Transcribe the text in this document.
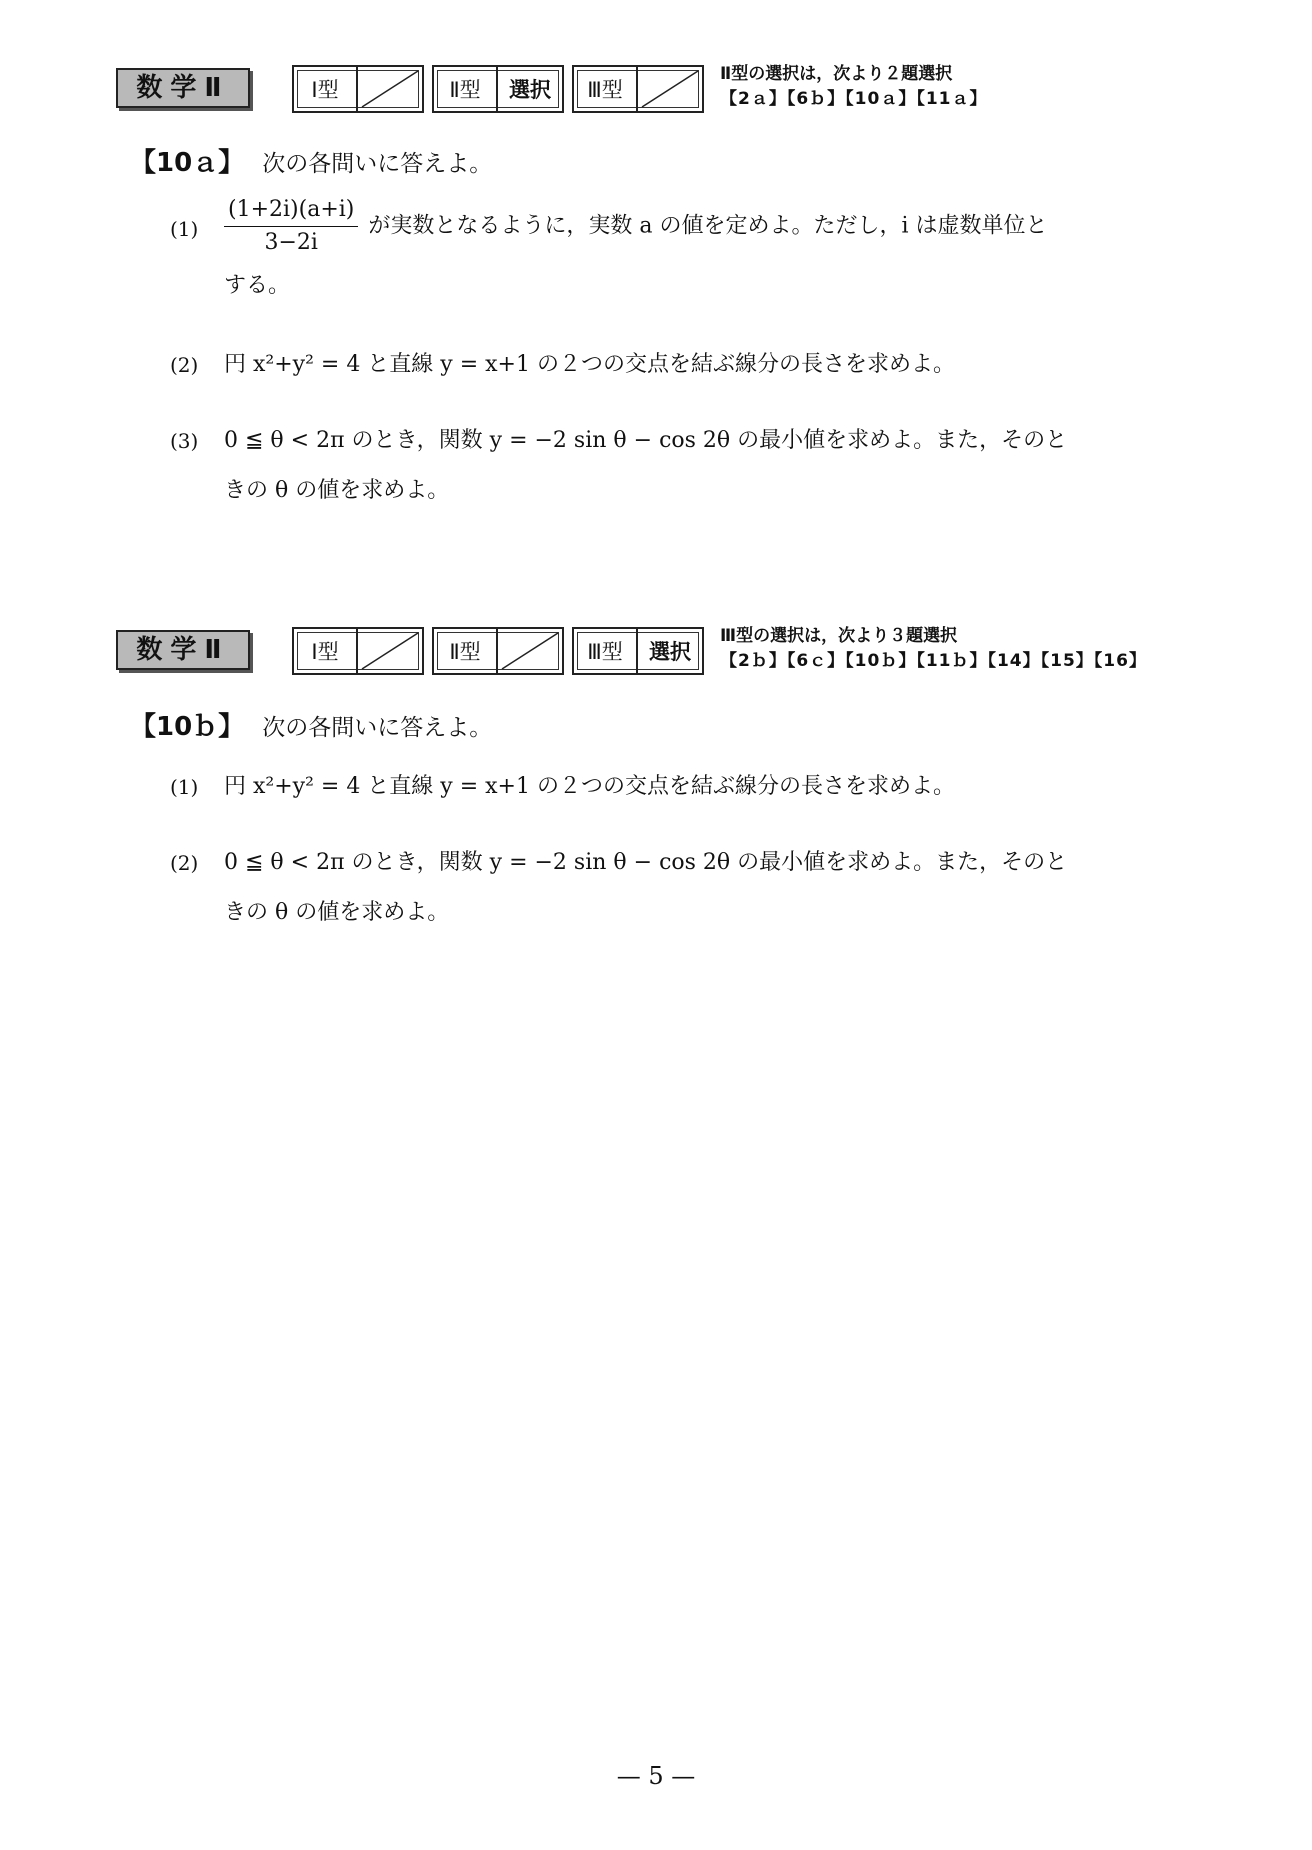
数学Ⅱ	Ⅰ型	Ⅱ型	選択	Ⅲ型
Ⅱ型の選択は，次より２題選択
【2ａ】【6ｂ】【10ａ】【11ａ】
【10ａ】 次の各問いに答えよ。
(1)	$\frac{(1+2i)(a+i)}{3-2i}$ が実数となるように，実数 a の値を定めよ。ただし，i は虚数単位と
する。
(2)	円 x²+y² = 4 と直線 y = x+1 の２つの交点を結ぶ線分の長さを求めよ。
(3)	0 ≦ θ < 2π のとき，関数 y = −2 sin θ − cos 2θ の最小値を求めよ。また，そのと
きの θ の値を求めよ。
数学Ⅱ	Ⅰ型	Ⅱ型	Ⅲ型	選択
Ⅲ型の選択は，次より３題選択
【2ｂ】【6ｃ】【10ｂ】【11ｂ】【14】【15】【16】
【10ｂ】 次の各問いに答えよ。
(1)	円 x²+y² = 4 と直線 y = x+1 の２つの交点を結ぶ線分の長さを求めよ。
(2)	0 ≦ θ < 2π のとき，関数 y = −2 sin θ − cos 2θ の最小値を求めよ。また，そのと
きの θ の値を求めよ。
— 5 —
